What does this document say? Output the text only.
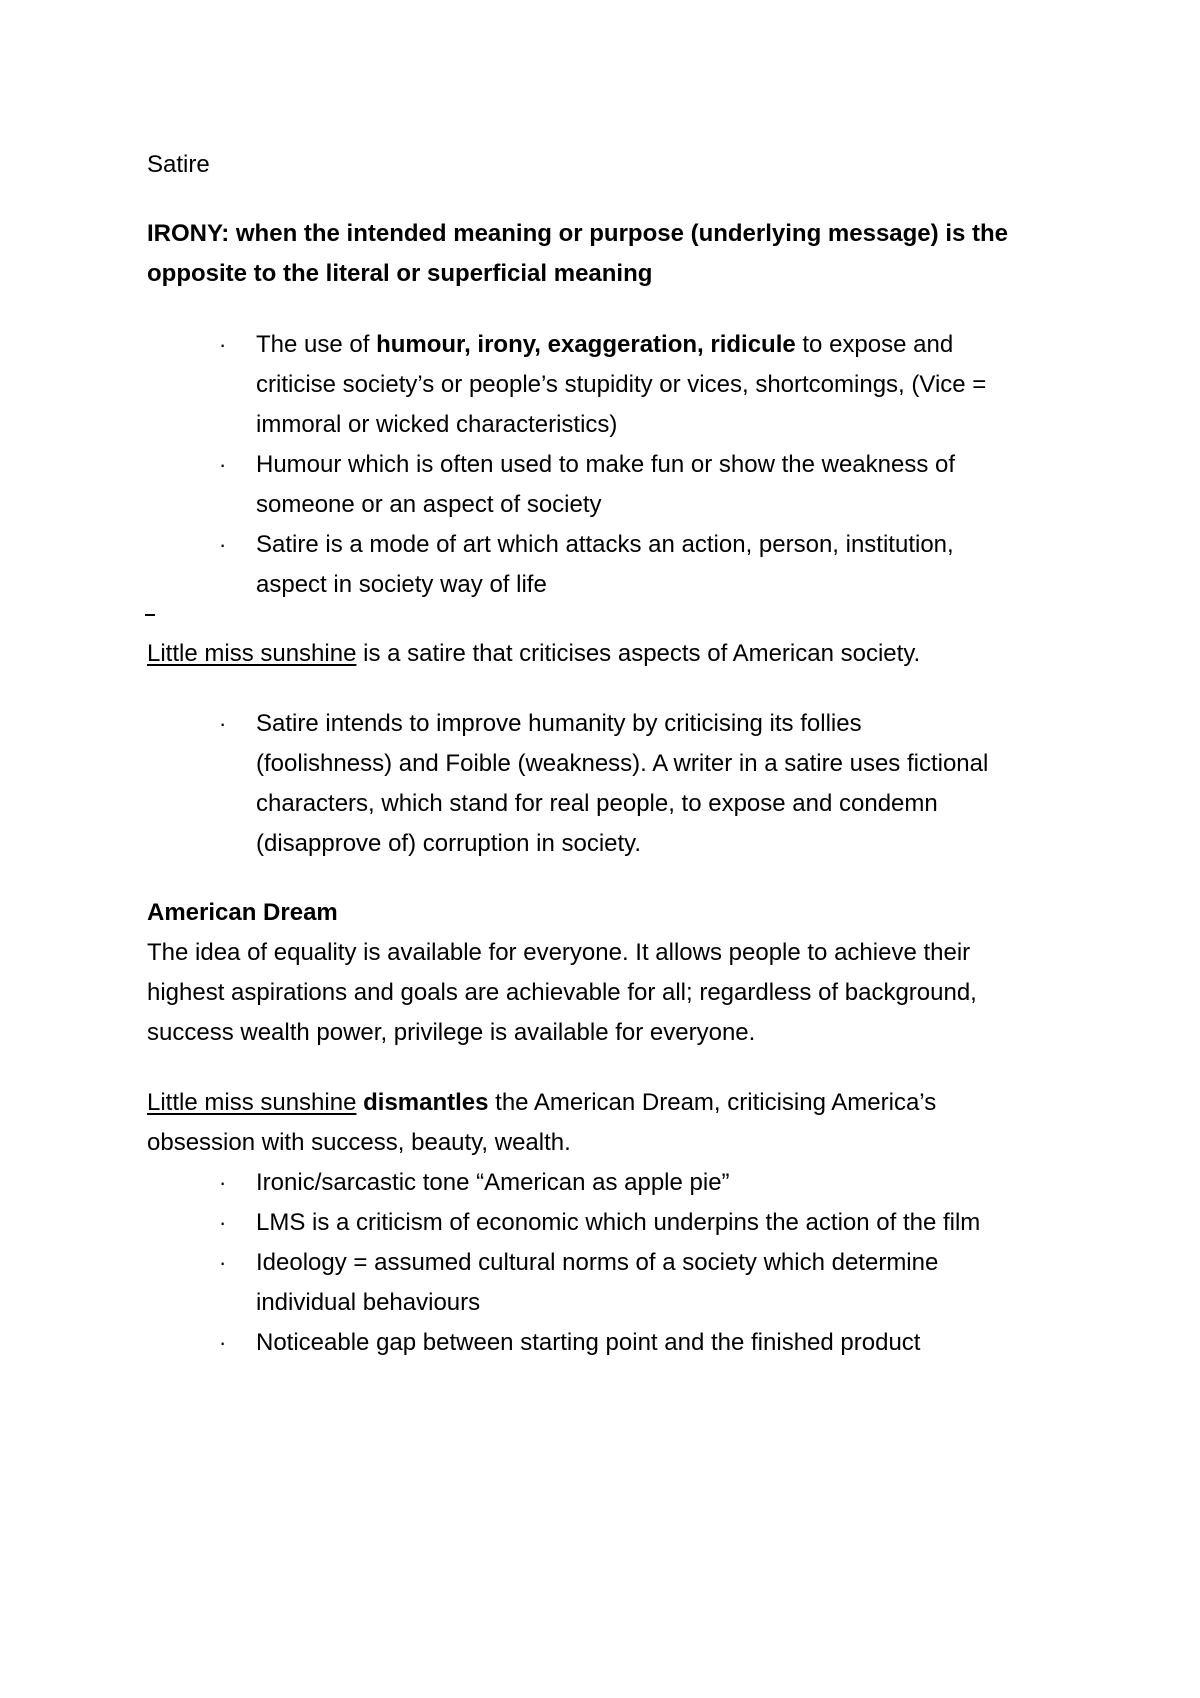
Satire
IRONY: when the intended meaning or purpose (underlying message) is the
opposite to the literal or superficial meaning
· The use of humour, irony, exaggeration, ridicule to expose and
criticise society’s or people’s stupidity or vices, shortcomings, (Vice =
immoral or wicked characteristics)
· Humour which is often used to make fun or show the weakness of
someone or an aspect of society
· Satire is a mode of art which attacks an action, person, institution,
aspect in society way of life
Little miss sunshine is a satire that criticises aspects of American society.
· Satire intends to improve humanity by criticising its follies
(foolishness) and Foible (weakness). A writer in a satire uses fictional
characters, which stand for real people, to expose and condemn
(disapprove of) corruption in society.
American Dream
The idea of equality is available for everyone. It allows people to achieve their
highest aspirations and goals are achievable for all; regardless of background,
success wealth power, privilege is available for everyone.
Little miss sunshine dismantles the American Dream, criticising America’s
obsession with success, beauty, wealth.
· Ironic/sarcastic tone “American as apple pie”
· LMS is a criticism of economic which underpins the action of the film
· Ideology = assumed cultural norms of a society which determine
individual behaviours
· Noticeable gap between starting point and the finished product
